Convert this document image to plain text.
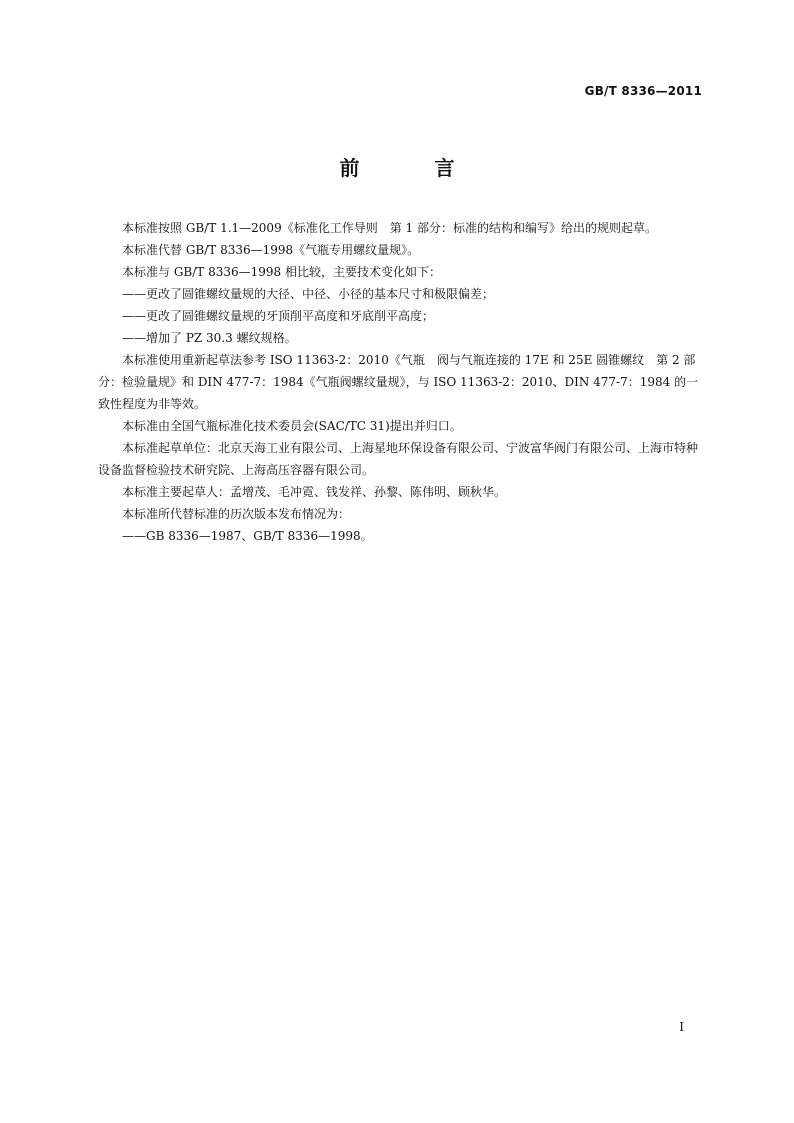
GB/T 8336—2011
前 言

本标准按照 GB/T 1.1—2009《标准化工作导则　第 1 部分：标准的结构和编写》给出的规则起草。

本标准代替 GB/T 8336—1998《气瓶专用螺纹量规》。

本标准与 GB/T 8336—1998 相比较，主要技术变化如下：

——更改了圆锥螺纹量规的大径、中径、小径的基本尺寸和极限偏差；

——更改了圆锥螺纹量规的牙顶削平高度和牙底削平高度；

——增加了 PZ 30.3 螺纹规格。

本标准使用重新起草法参考 ISO 11363-2：2010《气瓶　阀与气瓶连接的 17E 和 25E 圆锥螺纹　第 2 部分：检验量规》和 DIN 477-7：1984《气瓶阀螺纹量规》，与 ISO 11363-2：2010、DIN 477-7：1984 的一致性程度为非等效。

本标准由全国气瓶标准化技术委员会(SAC/TC 31)提出并归口。

本标准起草单位：北京天海工业有限公司、上海星地环保设备有限公司、宁波富华阀门有限公司、上海市特种设备监督检验技术研究院、上海高压容器有限公司。

本标准主要起草人：孟增茂、毛冲霓、钱发祥、孙黎、陈伟明、顾秋华。

本标准所代替标准的历次版本发布情况为：

——GB 8336—1987、GB/T 8336—1998。

I
